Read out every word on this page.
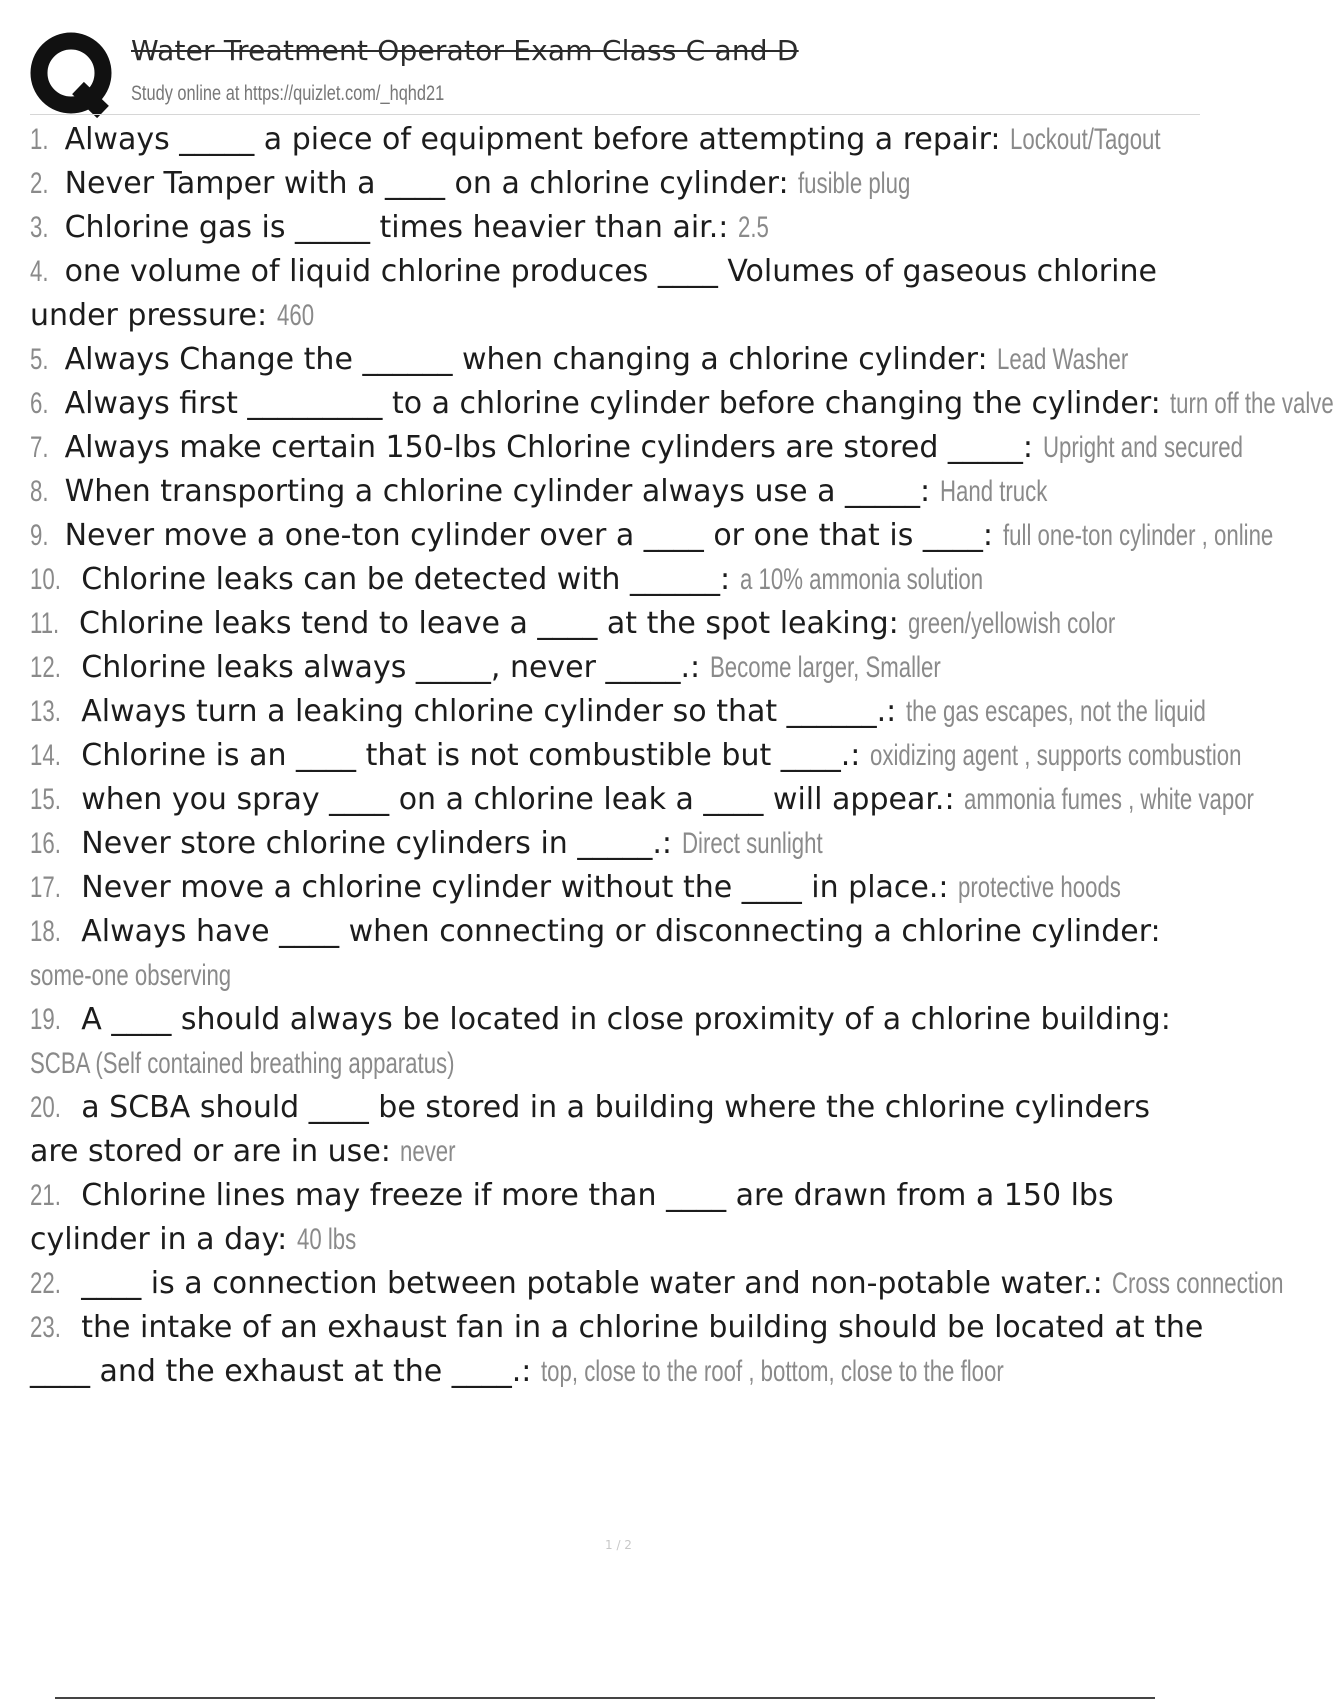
Water Treatment Operator Exam Class C and D
Study online at https://quizlet.com/_hqhd21

1. Always _____ a piece of equipment before attempting a repair: Lockout/Tagout

2. Never Tamper with a ____ on a chlorine cylinder: fusible plug

3. Chlorine gas is _____ times heavier than air.: 2.5

4. one volume of liquid chlorine produces ____ Volumes of gaseous chlorine under pressure: 460

5. Always Change the ______ when changing a chlorine cylinder: Lead Washer

6. Always first _________ to a chlorine cylinder before changing the cylinder: turn off the valve

7. Always make certain 150-lbs Chlorine cylinders are stored _____: Upright and secured

8. When transporting a chlorine cylinder always use a _____: Hand truck

9. Never move a one-ton cylinder over a ____ or one that is ____: full one-ton cylinder , online

10. Chlorine leaks can be detected with ______: a 10% ammonia solution

11. Chlorine leaks tend to leave a ____ at the spot leaking: green/yellowish color

12. Chlorine leaks always _____, never _____.: Become larger, Smaller

13. Always turn a leaking chlorine cylinder so that ______.: the gas escapes, not the liquid

14. Chlorine is an ____ that is not combustible but ____.: oxidizing agent , supports combustion

15. when you spray ____ on a chlorine leak a ____ will appear.: ammonia fumes , white vapor

16. Never store chlorine cylinders in _____.: Direct sunlight

17. Never move a chlorine cylinder without the ____ in place.: protective hoods

18. Always have ____ when connecting or disconnecting a chlorine cylinder: some-one observing

19. A ____ should always be located in close proximity of a chlorine building: SCBA (Self contained breathing apparatus)

20. a SCBA should ____ be stored in a building where the chlorine cylinders are stored or are in use: never

21. Chlorine lines may freeze if more than ____ are drawn from a 150 lbs cylinder in a day: 40 lbs

22. ____ is a connection between potable water and non-potable water.: Cross connection

23. the intake of an exhaust fan in a chlorine building should be located at the ____ and the exhaust at the ____.: top, close to the roof , bottom, close to the floor

1 / 2
